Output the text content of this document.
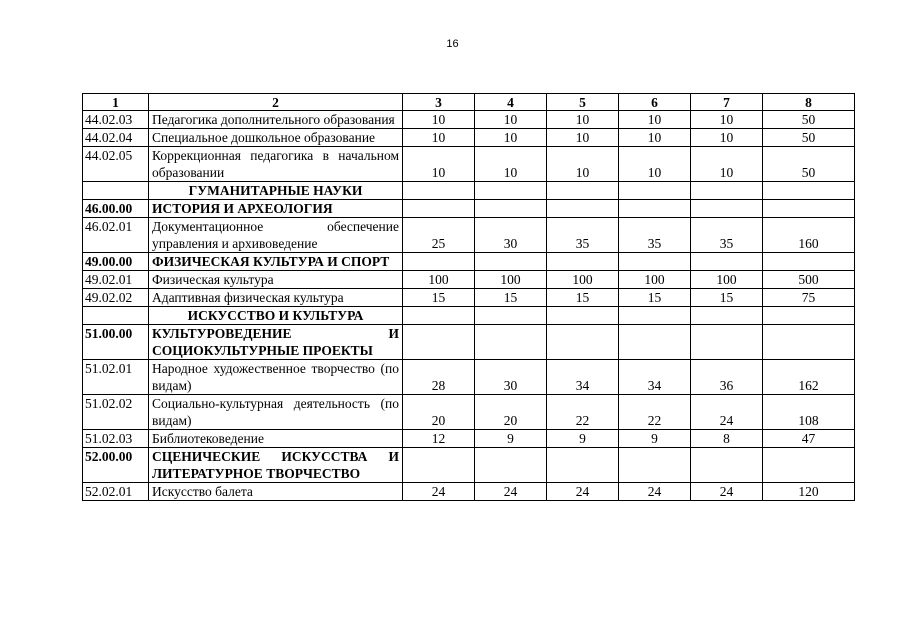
16
1	2	3	4	5	6	7	8
44.02.03	Педагогика дополнительного образования	10	10	10	10	10	50
44.02.04	Специальное дошкольное образование	10	10	10	10	10	50
44.02.05	Коррекционная педагогика в начальном образовании	10	10	10	10	10	50
	ГУМАНИТАРНЫЕ НАУКИ						
46.00.00	ИСТОРИЯ И АРХЕОЛОГИЯ						
46.02.01	Документационное обеспечение управления и архивоведение	25	30	35	35	35	160
49.00.00	ФИЗИЧЕСКАЯ КУЛЬТУРА И СПОРТ						
49.02.01	Физическая культура	100	100	100	100	100	500
49.02.02	Адаптивная физическая культура	15	15	15	15	15	75
	ИСКУССТВО И КУЛЬТУРА						
51.00.00	КУЛЬТУРОВЕДЕНИЕ И СОЦИОКУЛЬТУРНЫЕ ПРОЕКТЫ						
51.02.01	Народное художественное творчество (по видам)	28	30	34	34	36	162
51.02.02	Социально-культурная деятельность (по видам)	20	20	22	22	24	108
51.02.03	Библиотековедение	12	9	9	9	8	47
52.00.00	СЦЕНИЧЕСКИЕ ИСКУССТВА И ЛИТЕРАТУРНОЕ ТВОРЧЕСТВО						
52.02.01	Искусство балета	24	24	24	24	24	120
